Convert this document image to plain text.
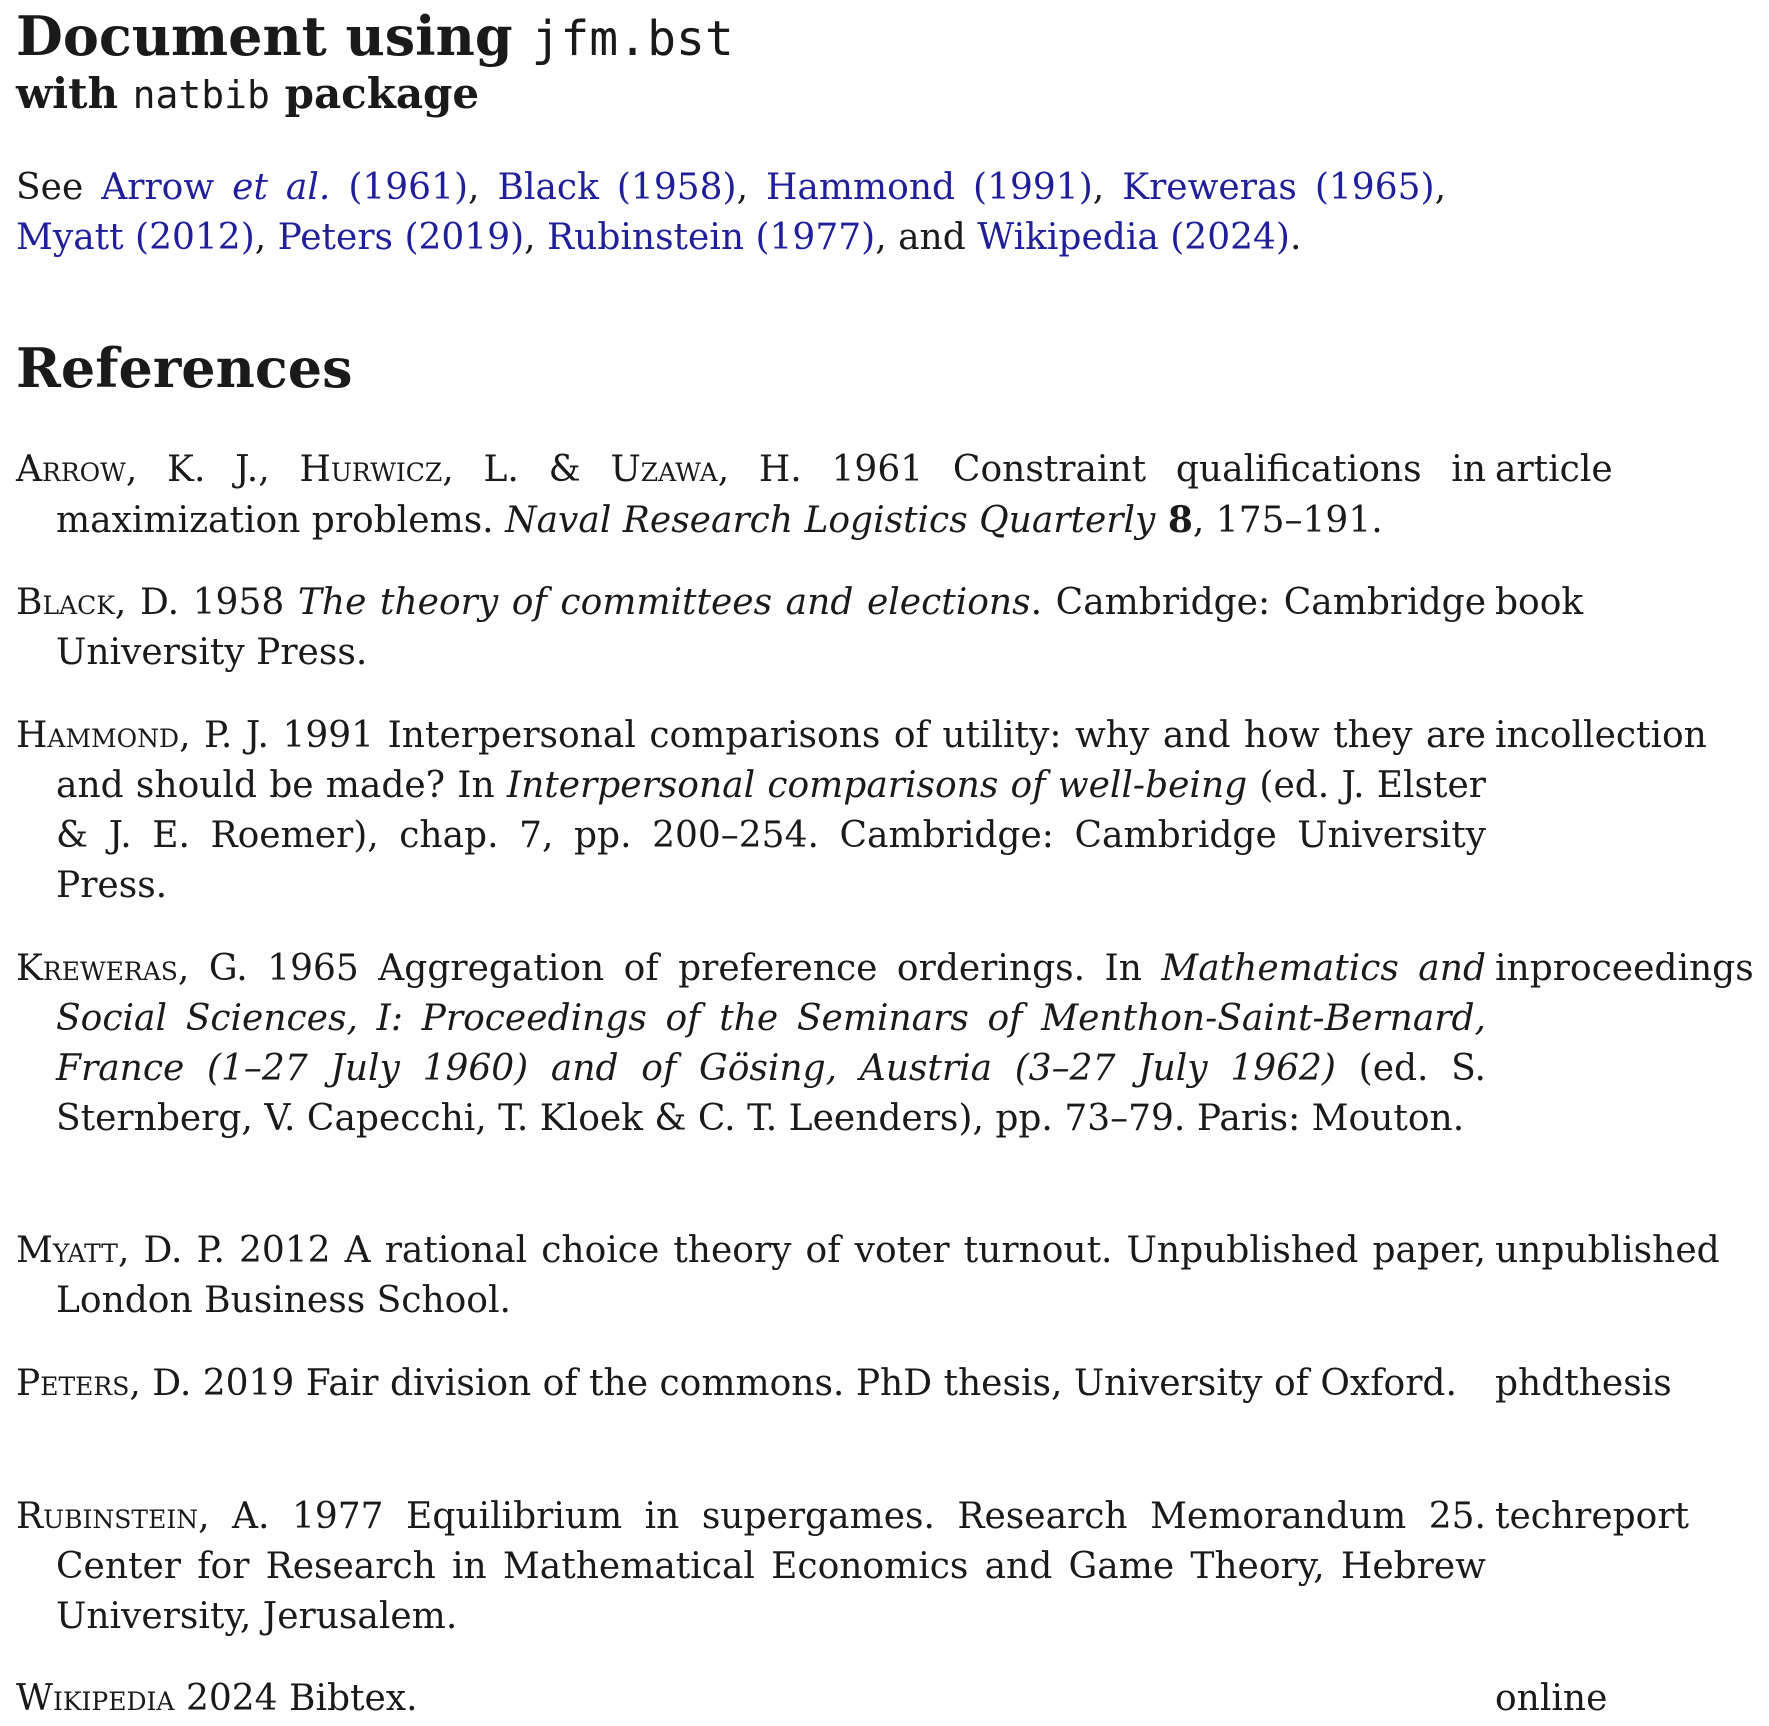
Document using jfm.bst
with natbib package

See Arrow et al. (1961), Black (1958), Hammond (1991), Kreweras (1965), Myatt (2012), Peters (2019), Rubinstein (1977), and Wikipedia (2024).

References

Arrow, K. J., Hurwicz, L. & Uzawa, H. 1961 Constraint qualifications in maximization problems. Naval Research Logistics Quarterly 8, 175–191.

article

Black, D. 1958 The theory of committees and elections. Cambridge: Cambridge University Press.

book

Hammond, P. J. 1991 Interpersonal comparisons of utility: why and how they are and should be made? In Interpersonal comparisons of well-being (ed. J. Elster & J. E. Roemer), chap. 7, pp. 200–254. Cambridge: Cambridge University Press.

incollection

Kreweras, G. 1965 Aggregation of preference orderings. In Mathematics and Social Sciences, I: Proceedings of the Seminars of Menthon-Saint-Bernard, France (1–27 July 1960) and of Gösing, Austria (3–27 July 1962) (ed. S. Sternberg, V. Capecchi, T. Kloek & C. T. Leenders), pp. 73–79. Paris: Mouton.

inproceedings

Myatt, D. P. 2012 A rational choice theory of voter turnout. Unpublished paper, London Business School.

unpublished

Peters, D. 2019 Fair division of the commons. PhD thesis, University of Oxford.	phdthesis

Rubinstein, A. 1977 Equilibrium in supergames. Research Memorandum 25. Center for Research in Mathematical Economics and Game Theory, Hebrew University, Jerusalem.

techreport

Wikipedia 2024 Bibtex.	online
